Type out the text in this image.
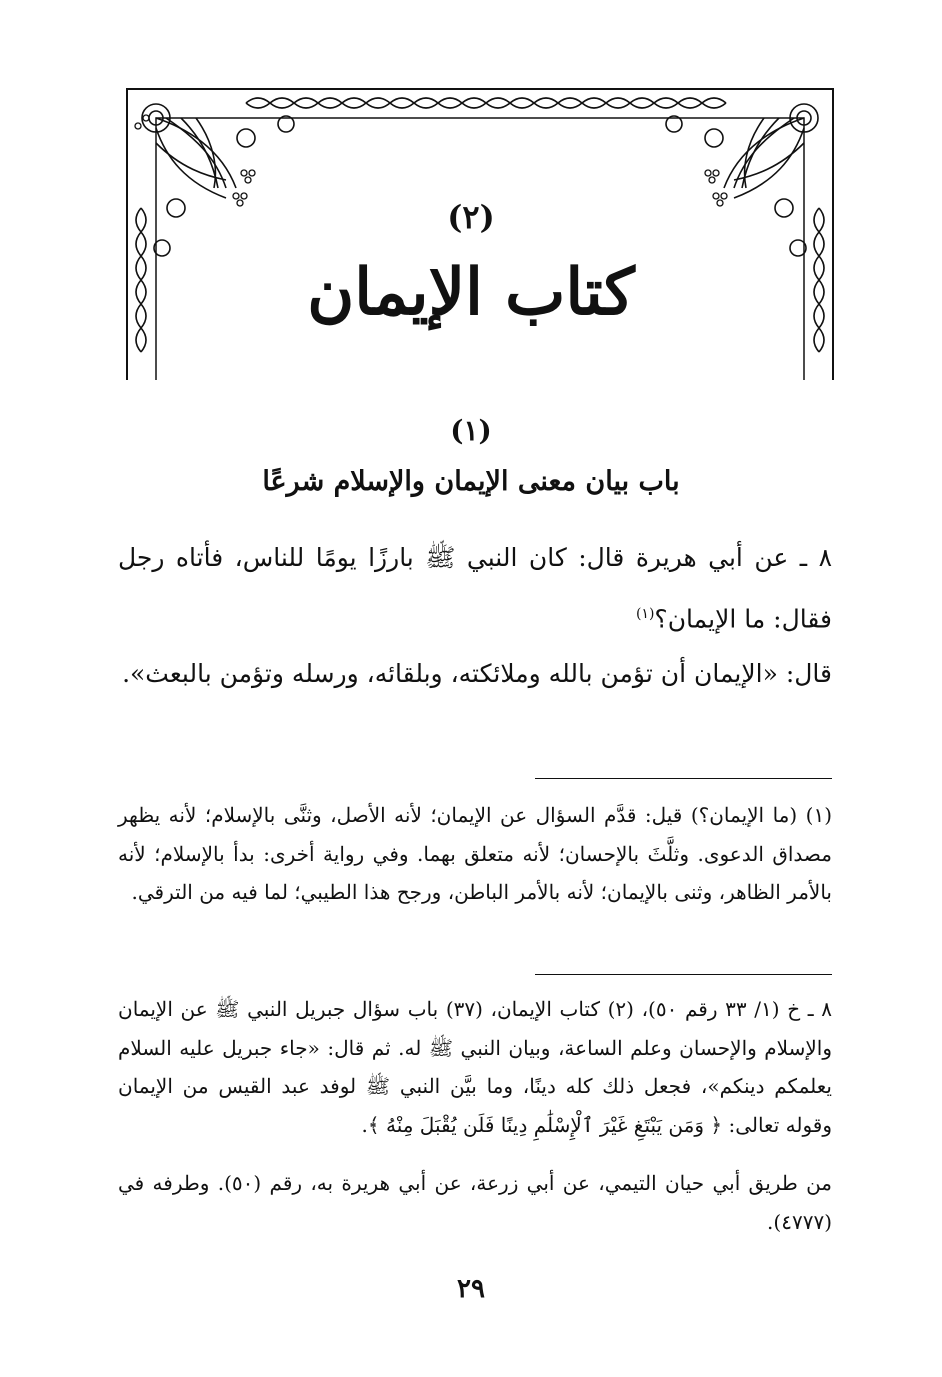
(٢)
كتاب الإيمان
(١)
باب بيان معنى الإيمان والإسلام شرعًا
٨ ـ عن أبي هريرة قال: كان النبي ﷺ بارزًا يومًا للناس، فأتاه رجل فقال: ما الإيمان؟$^{(١)}$
قال: «الإيمان أن تؤمن بالله وملائكته، وبلقائه، ورسله وتؤمن بالبعث».
(١) (ما الإيمان؟) قيل: قدَّم السؤال عن الإيمان؛ لأنه الأصل، وثنَّى بالإسلام؛ لأنه يظهر مصداق الدعوى. وثلَّثَ بالإحسان؛ لأنه متعلق بهما. وفي رواية أخرى: بدأ بالإسلام؛ لأنه بالأمر الظاهر، وثنى بالإيمان؛ لأنه بالأمر الباطن، ورجح هذا الطيبي؛ لما فيه من الترقي.
٨ ـ خ (١/ ٣٣ رقم ٥٠)، (٢) كتاب الإيمان، (٣٧) باب سؤال جبريل النبي ﷺ عن الإيمان والإسلام والإحسان وعلم الساعة، وبيان النبي ﷺ له. ثم قال: «جاء جبريل عليه السلام يعلمكم دينكم»، فجعل ذلك كله دينًا، وما بيَّن النبي ﷺ لوفد عبد القيس من الإيمان وقوله تعالى: ﴿ وَمَن يَبْتَغِ غَيْرَ ٱلْإِسْلَٰمِ دِينًا فَلَن يُقْبَلَ مِنْهُ ﴾.
من طريق أبي حيان التيمي، عن أبي زرعة، عن أبي هريرة به، رقم (٥٠). وطرفه في (٤٧٧٧).
٢٩
